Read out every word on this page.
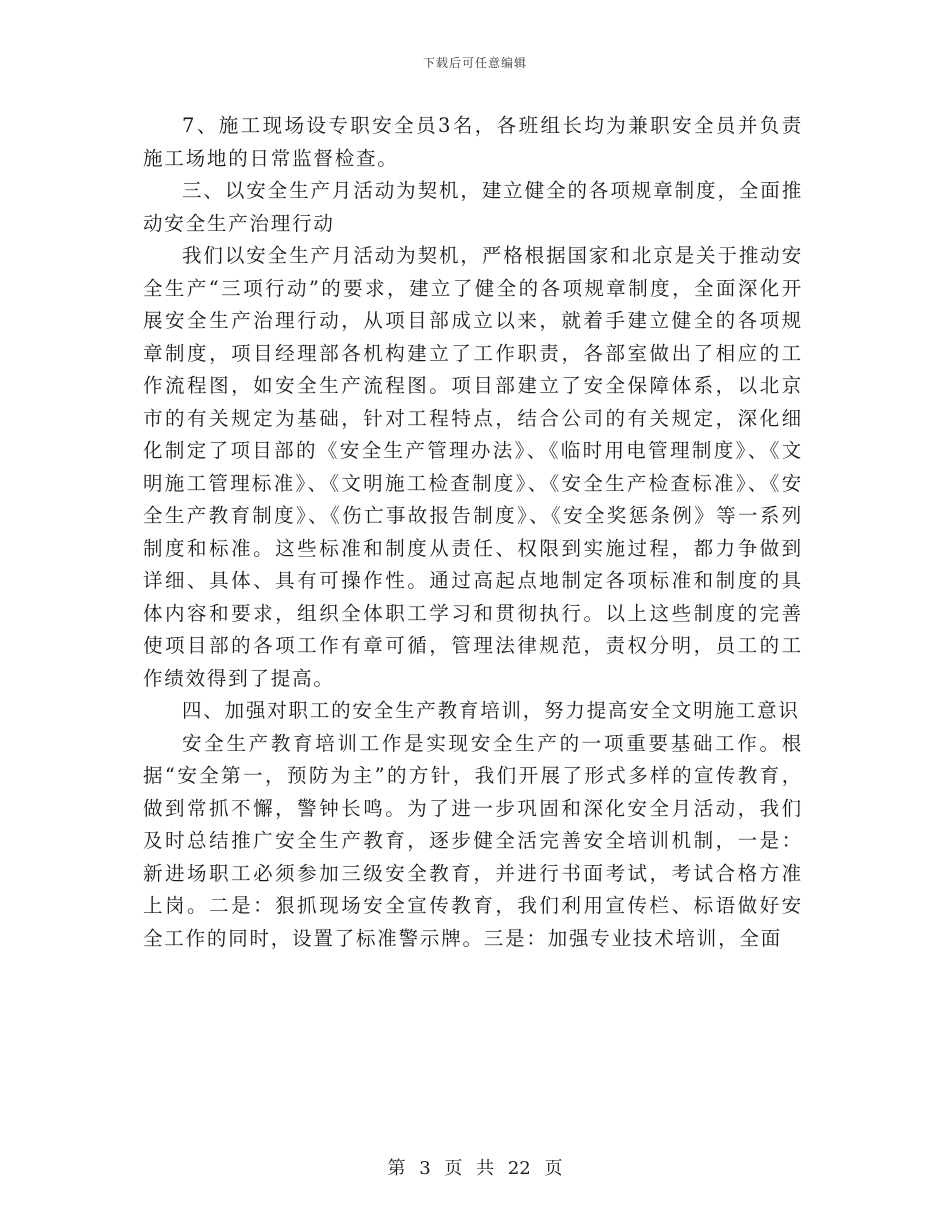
下载后可任意编辑

7、施工现场设专职安全员3名，各班组长均为兼职安全员并负责施工场地的日常监督检查。

三、以安全生产月活动为契机，建立健全的各项规章制度，全面推动安全生产治理行动

我们以安全生产月活动为契机，严格根据国家和北京是关于推动安全生产“三项行动”的要求，建立了健全的各项规章制度，全面深化开展安全生产治理行动，从项目部成立以来，就着手建立健全的各项规章制度，项目经理部各机构建立了工作职责，各部室做出了相应的工作流程图，如安全生产流程图。项目部建立了安全保障体系，以北京市的有关规定为基础，针对工程特点，结合公司的有关规定，深化细化制定了项目部的《安全生产管理办法》、《临时用电管理制度》、《文明施工管理标准》、《文明施工检查制度》、《安全生产检查标准》、《安全生产教育制度》、《伤亡事故报告制度》、《安全奖惩条例》等一系列制度和标准。这些标准和制度从责任、权限到实施过程，都力争做到详细、具体、具有可操作性。通过高起点地制定各项标准和制度的具体内容和要求，组织全体职工学习和贯彻执行。以上这些制度的完善使项目部的各项工作有章可循，管理法律规范，责权分明，员工的工作绩效得到了提高。

四、加强对职工的安全生产教育培训，努力提高安全文明施工意识

安全生产教育培训工作是实现安全生产的一项重要基础工作。根据“安全第一，预防为主”的方针，我们开展了形式多样的宣传教育，做到常抓不懈，警钟长鸣。为了进一步巩固和深化安全月活动，我们及时总结推广安全生产教育，逐步健全活完善安全培训机制，一是：新进场职工必须参加三级安全教育，并进行书面考试，考试合格方准上岗。二是：狠抓现场安全宣传教育，我们利用宣传栏、标语做好安全工作的同时，设置了标准警示牌。三是：加强专业技术培训，全面

第 3 页 共 22 页
